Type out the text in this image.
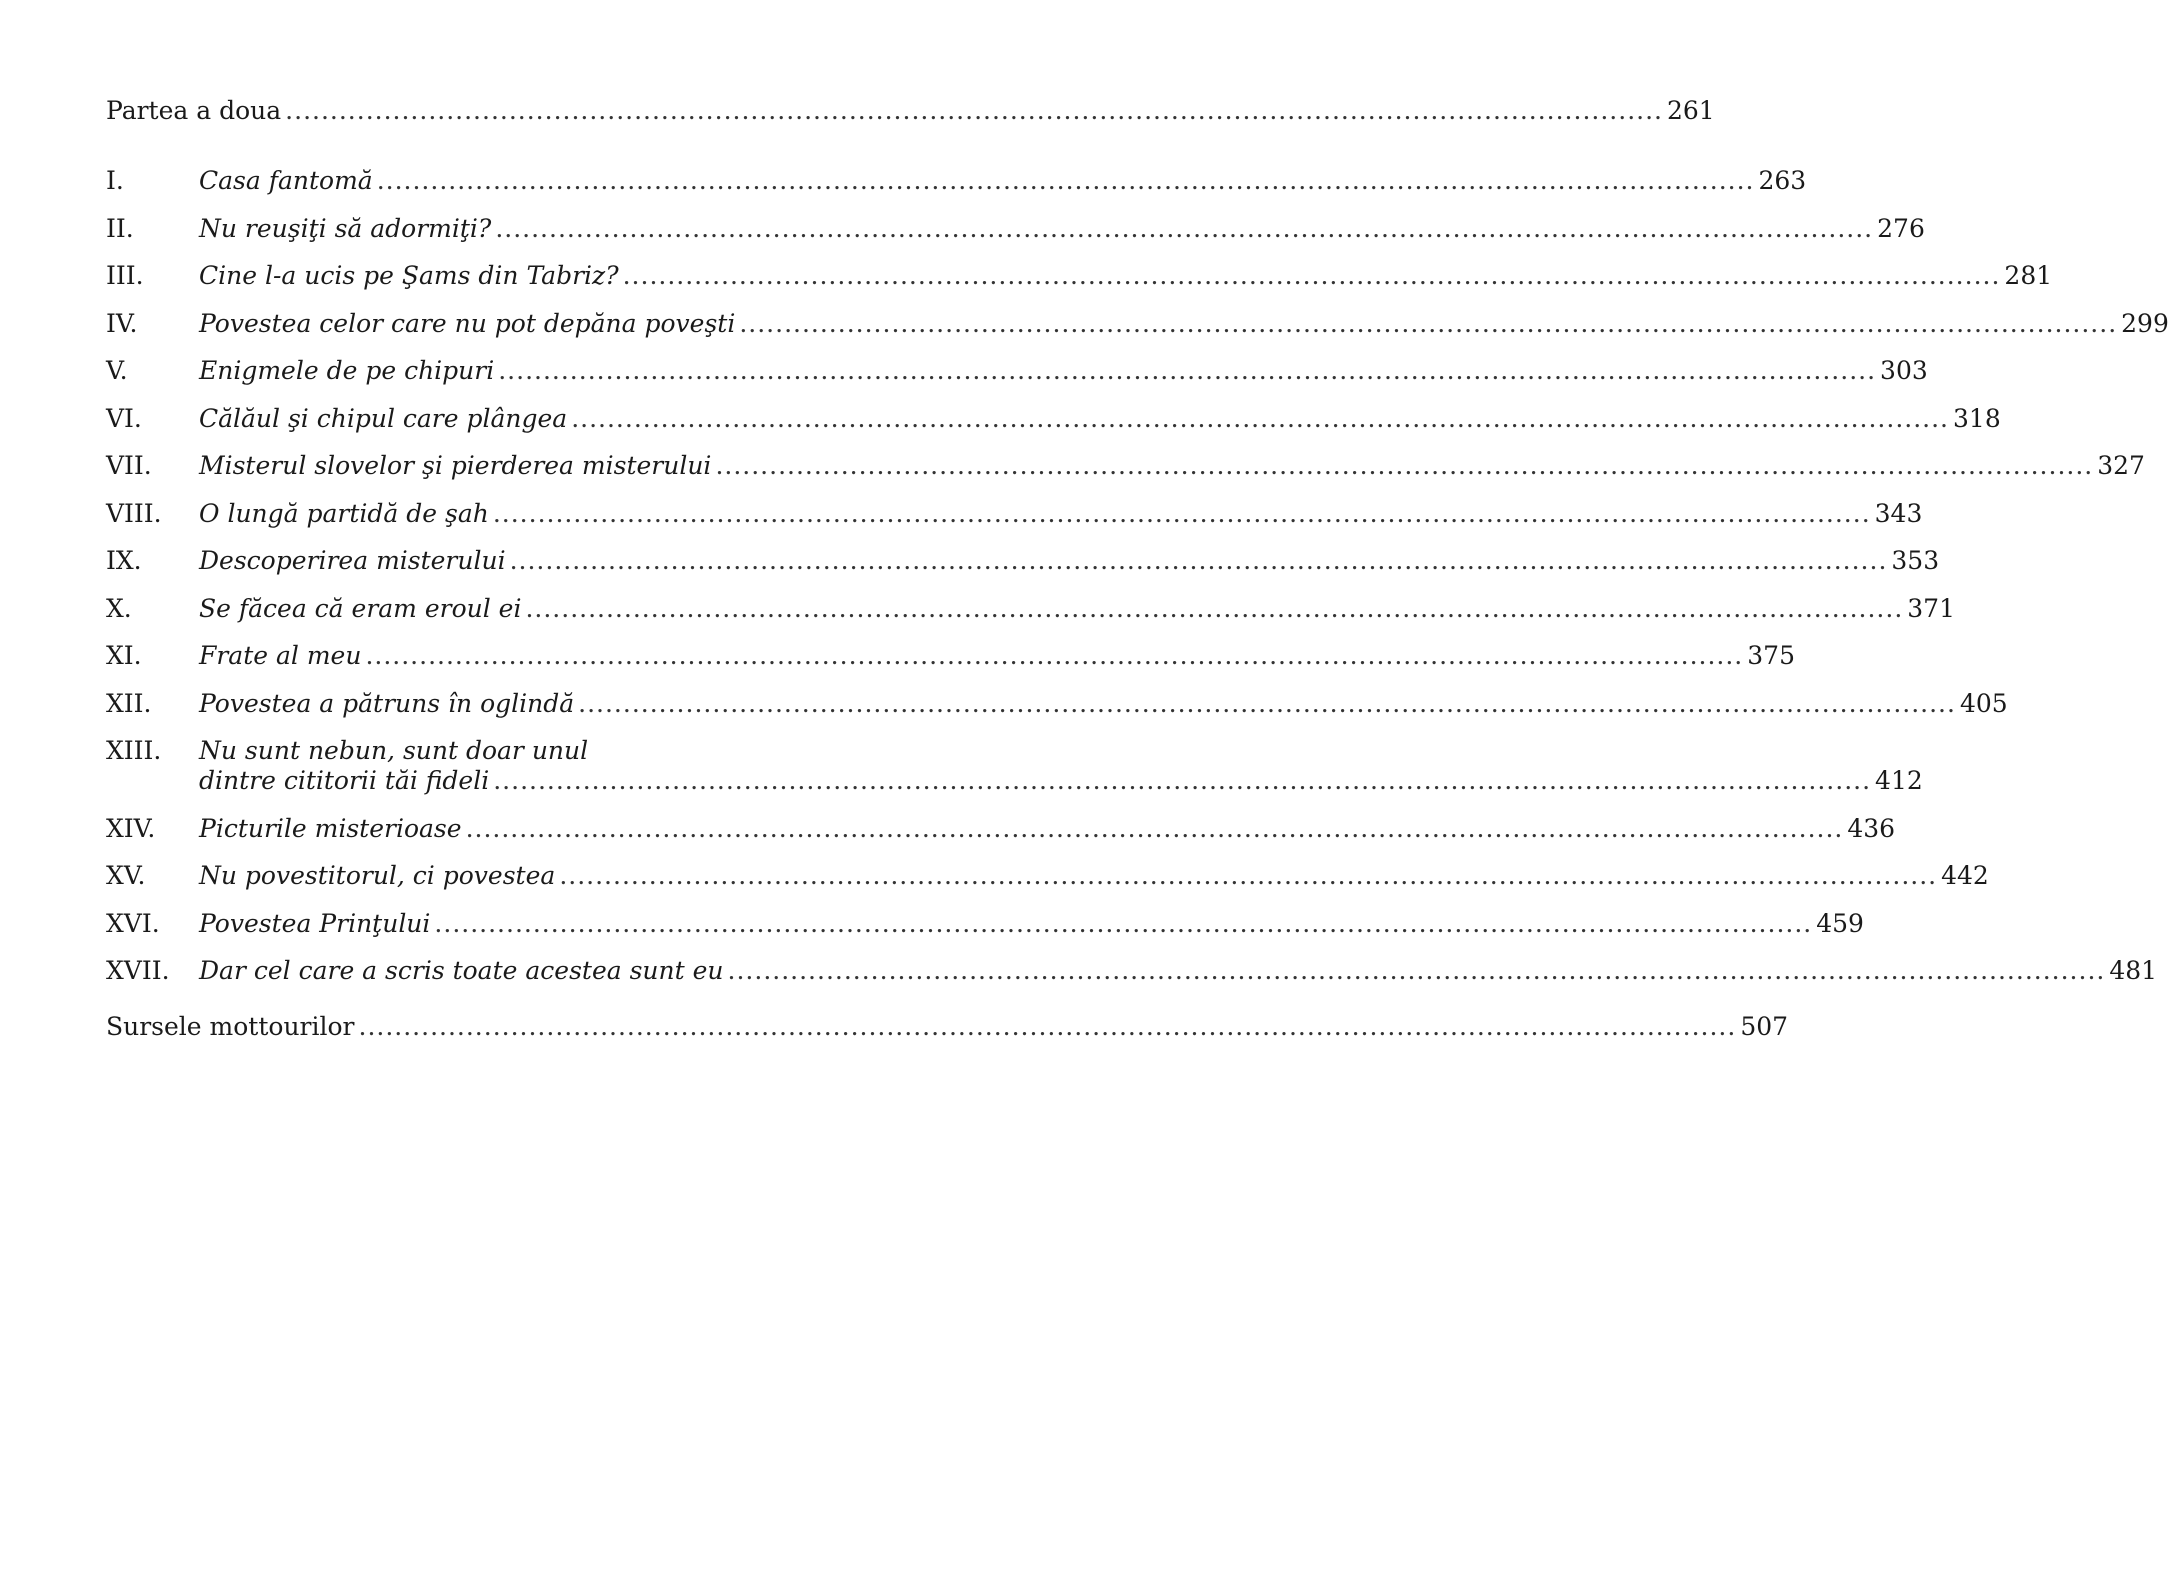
Partea a doua .....	261
I.	Casa fantomă .....	263
II.	Nu reuşiţi să adormiţi? .....	276
III.	Cine l-a ucis pe Şams din Tabriz? .....	281
IV.	Povestea celor care nu pot depăna poveşti .....	299
V.	Enigmele de pe chipuri .....	303
VI.	Călăul şi chipul care plângea .....	318
VII.	Misterul slovelor şi pierderea misterului .....	327
VIII.	O lungă partidă de şah .....	343
IX.	Descoperirea misterului .....	353
X.	Se făcea că eram eroul ei .....	371
XI.	Frate al meu .....	375
XII.	Povestea a pătruns în oglindă .....	405
XIII.	Nu sunt nebun, sunt doar unul
dintre cititorii tăi fideli .....	412
XIV.	Picturile misterioase .....	436
XV.	Nu povestitorul, ci povestea .....	442
XVI.	Povestea Prinţului .....	459
XVII.	Dar cel care a scris toate acestea sunt eu .....	481
Sursele mottourilor .....	507
